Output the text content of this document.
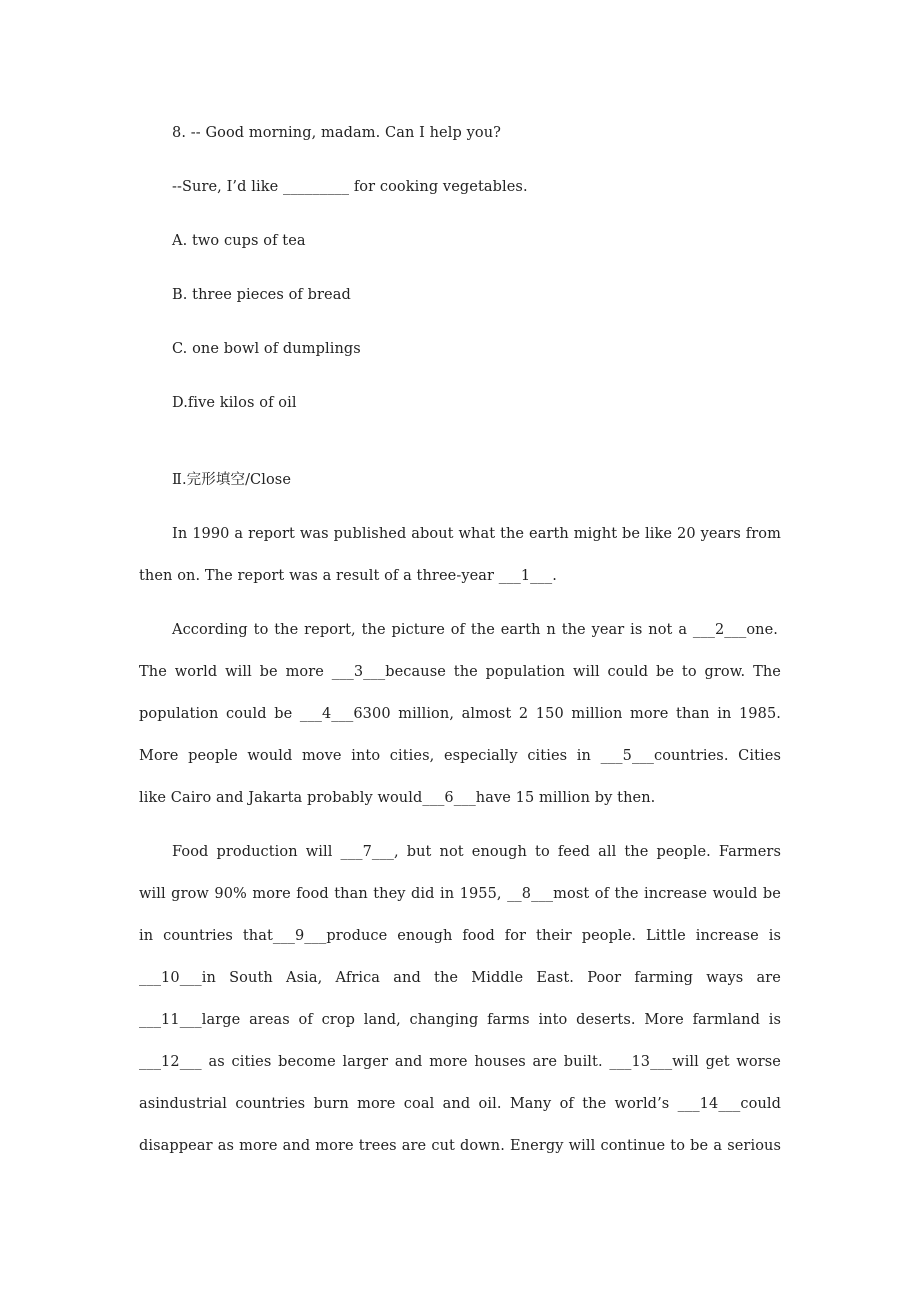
8. -- Good morning, madam. Can I help you?
--Sure, I’d like _________ for cooking vegetables.
A. two cups of tea
B. three pieces of bread
C. one bowl of dumplings
D.five kilos of oil
Ⅱ.完形填空/Close
In 1990 a report was published about what the earth might be like 20 years from
then on. The report was a result of a three-year ___1___.
According to the report, the picture of the earth n the year is not a ___2___one.
The world will be more ___3___because the population will could be to grow. The
population could be ___4___6300 million, almost 2 150 million more than in 1985.
More people would move into cities, especially cities in ___5___countries. Cities
like Cairo and Jakarta probably would___6___have 15 million by then.
Food production will ___7___, but not enough to feed all the people. Farmers
will grow 90% more food than they did in 1955, __8___most of the increase would be
in countries that___9___produce enough food for their people. Little increase is
___10___in South Asia, Africa and the Middle East. Poor farming ways are
___11___large areas of crop land, changing farms into deserts. More farmland is
___12___ as cities become larger and more houses are built. ___13___will get worse
asindustrial countries burn more coal and oil. Many of the world’s ___14___could
disappear as more and more trees are cut down. Energy will continue to be a serious
